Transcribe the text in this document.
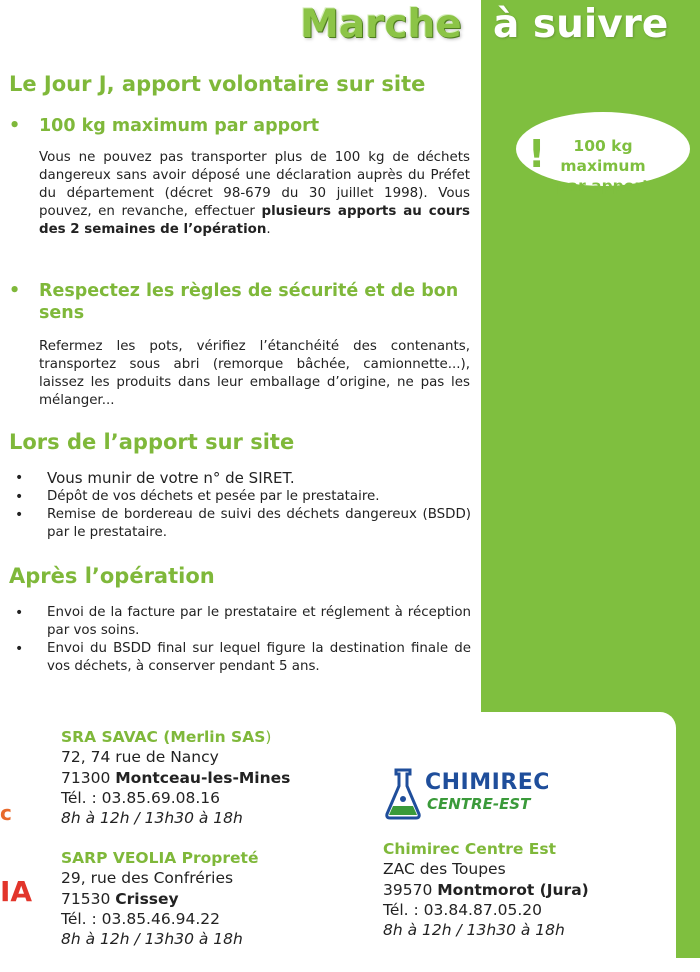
Marche à suivre
Le Jour J, apport volontaire sur site
• 100 kg maximum par apport
Vous ne pouvez pas transporter plus de 100 kg de déchets dangereux sans avoir déposé une déclaration auprès du Préfet du département (décret 98-679 du 30 juillet 1998). Vous pouvez, en revanche, effectuer plusieurs apports au cours des 2 semaines de l’opération.
• Respectez les règles de sécurité et de bon sens
Refermez les pots, vérifiez l’étanchéité des contenants, transportez sous abri (remorque bâchée, camionnette...), laissez les produits dans leur emballage d’origine, ne pas les mélanger...
!	100 kg
maximum
par apport
Lors de l’apport sur site
• Vous munir de votre n° de SIRET.
• Dépôt de vos déchets et pesée par le prestataire.
• Remise de bordereau de suivi des déchets dangereux (BSDD) par le prestataire.
Après l’opération
• Envoi de la facture par le prestataire et réglement à réception par vos soins.
• Envoi du BSDD final sur lequel figure la destination finale de vos déchets, à conserver pendant 5 ans.
c
IA
SRA SAVAC (Merlin SAS)
72, 74 rue de Nancy
71300 Montceau-les-Mines
Tél. : 03.85.69.08.16
8h à 12h / 13h30 à 18h
SARP VEOLIA Propreté
29, rue des Confréries
71530 Crissey
Tél. : 03.85.46.94.22
8h à 12h / 13h30 à 18h
CHIMIREC
CENTRE-EST
Chimirec Centre Est
ZAC des Toupes
39570 Montmorot (Jura)
Tél. : 03.84.87.05.20
8h à 12h / 13h30 à 18h
